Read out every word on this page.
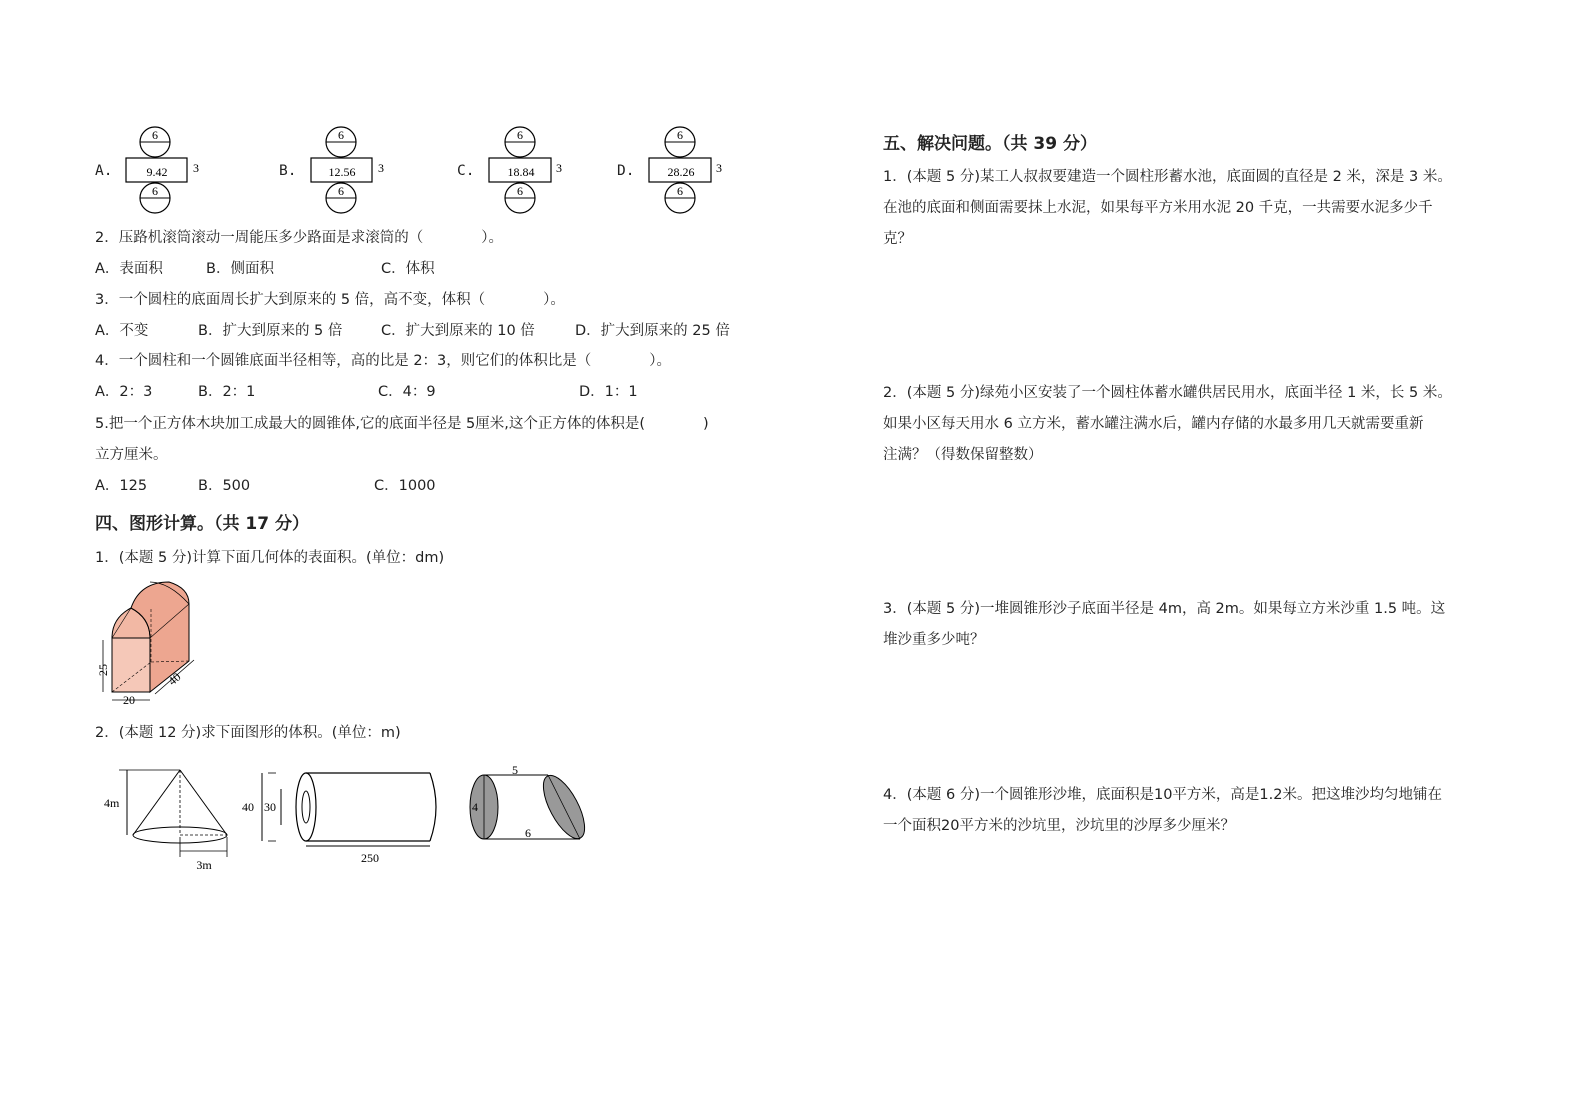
A.
6
9.42
6
3	B.
6
12.56
6
3	C.
6
18.84
6
3	D.
6
28.26
6
3
2．压路机滚筒滚动一周能压多少路面是求滚筒的（　　　　）。
A．表面积	B．侧面积	C．体积
3．一个圆柱的底面周长扩大到原来的 5 倍，高不变，体积（　　　　）。
A．不变	B．扩大到原来的 5 倍	C．扩大到原来的 10 倍	D．扩大到原来的 25 倍
4．一个圆柱和一个圆锥底面半径相等，高的比是 2：3，则它们的体积比是（　　　　）。
A．2：3	B．2：1	C．4：9	D．1：1
5.把一个正方体木块加工成最大的圆锥体,它的底面半径是 5厘米,这个正方体的体积是(　　　　)
立方厘米。
A．125	B．500	C．1000
四、图形计算。（共 17 分）
1．(本题 5 分)计算下面几何体的表面积。(单位：dm)
25
20
40
2．(本题 12 分)求下面图形的体积。(单位：m)
4m
3m
40 30
250
5
4
6
五、解决问题。（共 39 分）
1．(本题 5 分)某工人叔叔要建造一个圆柱形蓄水池，底面圆的直径是 2 米，深是 3 米。
在池的底面和侧面需要抹上水泥，如果每平方米用水泥 20 千克，一共需要水泥多少千
克？
2．(本题 5 分)绿苑小区安装了一个圆柱体蓄水罐供居民用水，底面半径 1 米，长 5 米。
如果小区每天用水 6 立方米，蓄水罐注满水后，罐内存储的水最多用几天就需要重新
注满？（得数保留整数）
3．(本题 5 分)一堆圆锥形沙子底面半径是 4m，高 2m。如果每立方米沙重 1.5 吨。这
堆沙重多少吨？
4．(本题 6 分)一个圆锥形沙堆，底面积是10平方米，高是1.2米。把这堆沙均匀地铺在
一个面积20平方米的沙坑里，沙坑里的沙厚多少厘米？
